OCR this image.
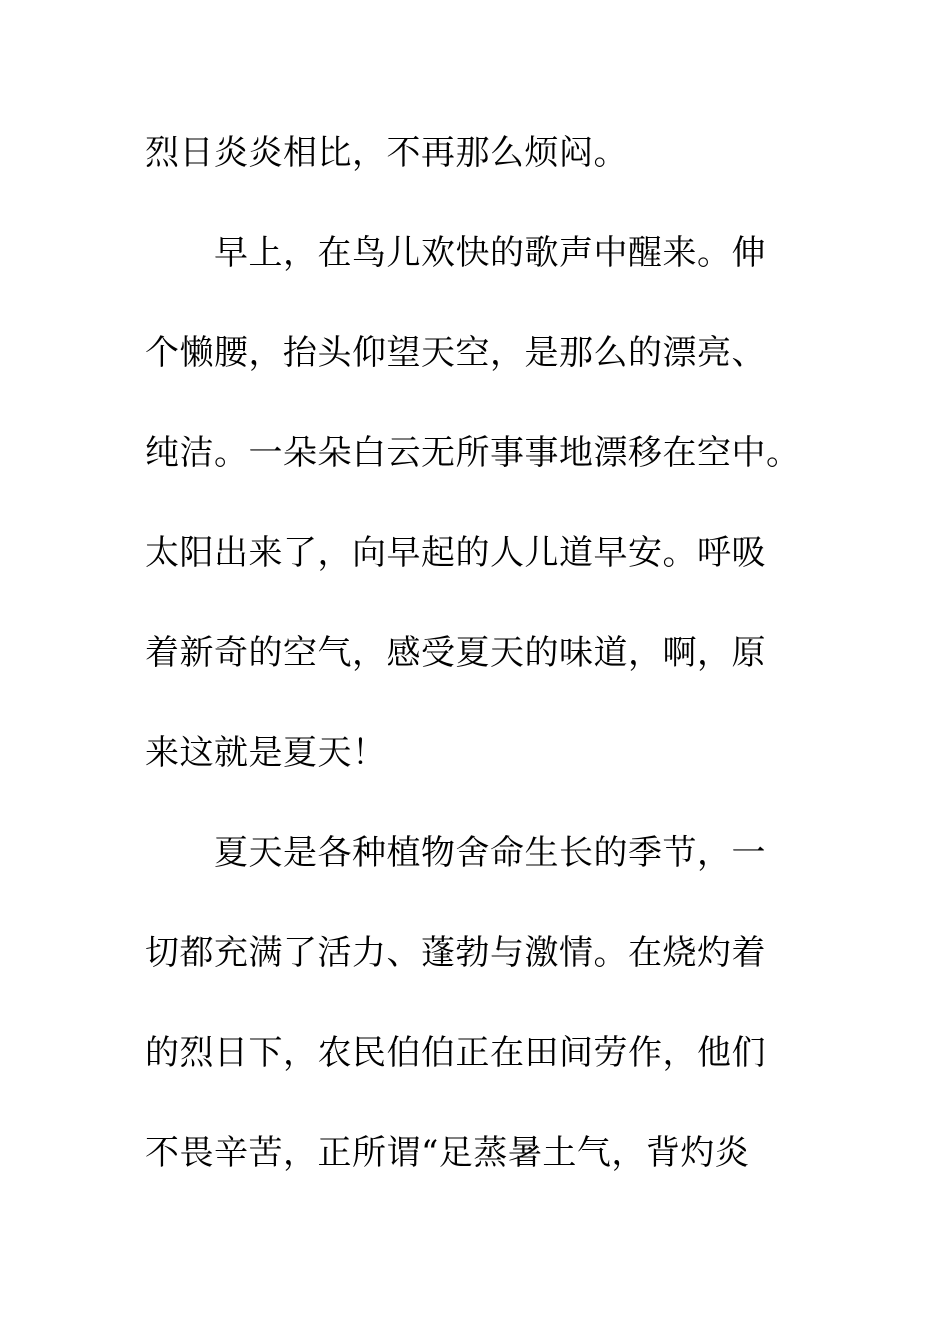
烈日炎炎相比，不再那么烦闷。
早上，在鸟儿欢快的歌声中醒来。伸
个懒腰，抬头仰望天空，是那么的漂亮、
纯洁。一朵朵白云无所事事地漂移在空中。
太阳出来了，向早起的人儿道早安。呼吸
着新奇的空气，感受夏天的味道，啊，原
来这就是夏天！
夏天是各种植物舍命生长的季节，一
切都充满了活力、蓬勃与激情。在烧灼着
的烈日下，农民伯伯正在田间劳作，他们
不畏辛苦，正所谓“足蒸暑土气，背灼炎
